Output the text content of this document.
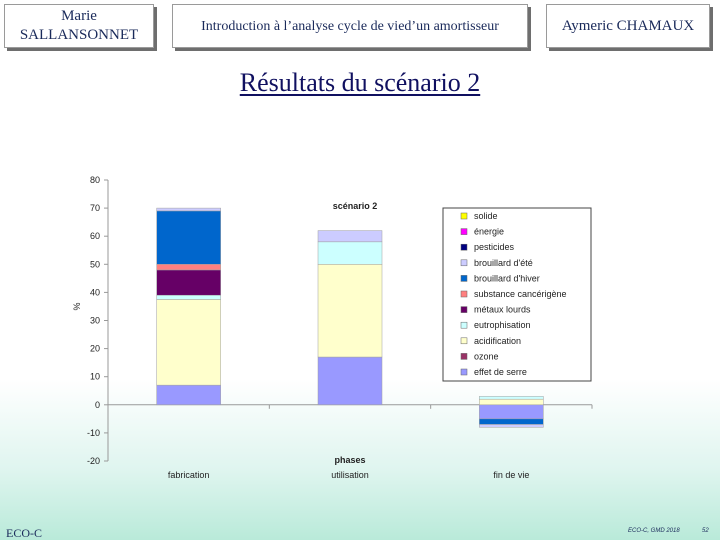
Marie SALLANSONNET
Introduction à l’analyse cycle de vied’un amortisseur	Aymeric CHAMAUX
Résultats du scénario 2
80
70
60
50
40
30
20
10
0
-10
-20
%
fabrication	utilisation	fin de vie
phases
scénario 2
solide
énergie
pesticides
brouillard d'été
brouillard d'hiver
substance cancérigène
métaux lourds
eutrophisation
acidification
ozone
effet de serre
ECO-C	ECO-C, GMD 2018	52
